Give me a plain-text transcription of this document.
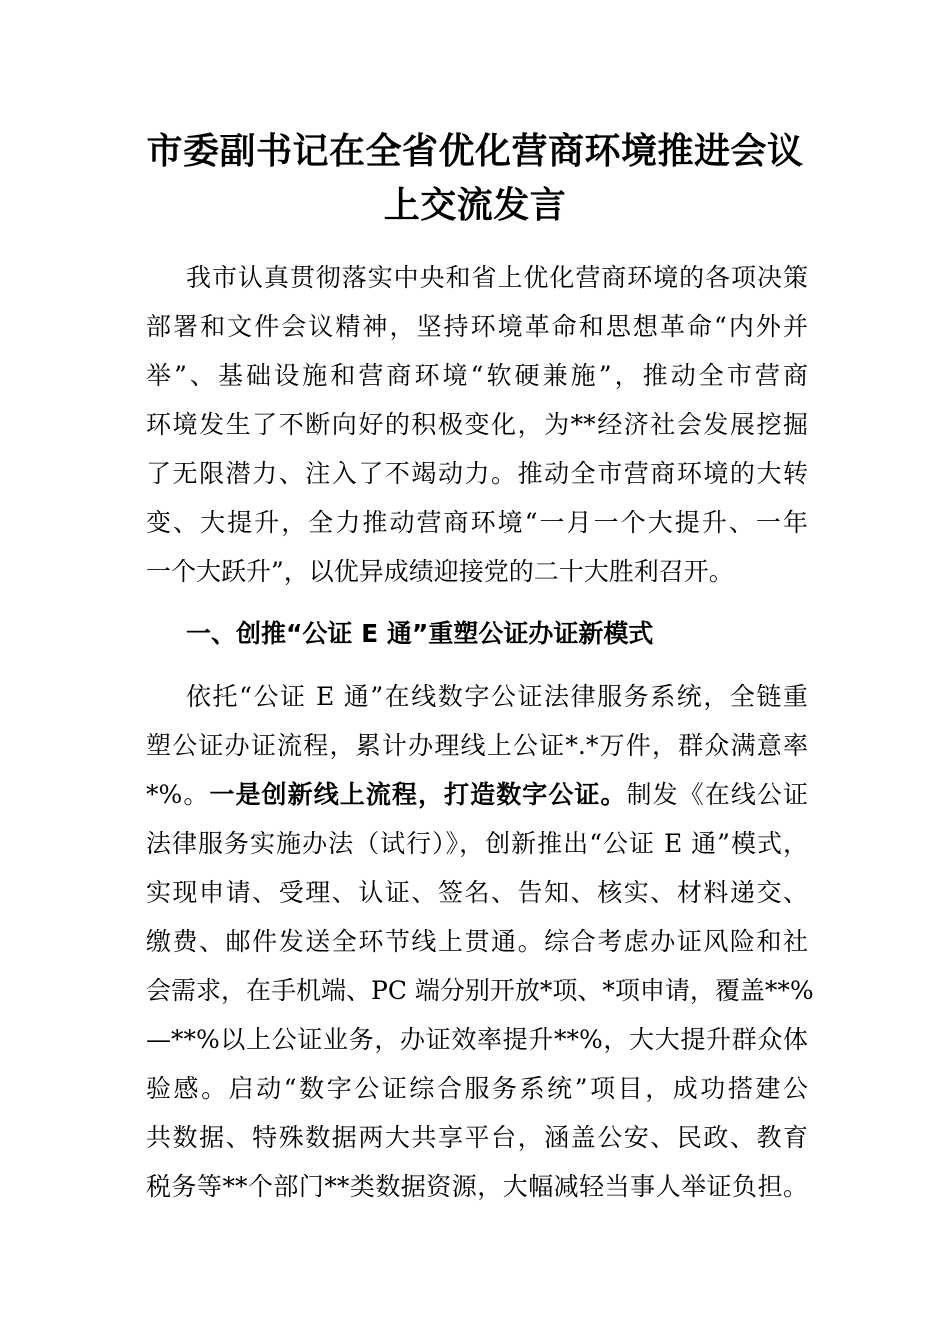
市委副书记在全省优化营商环境推进会议
上交流发言
我市认真贯彻落实中央和省上优化营商环境的各项决策
部署和文件会议精神，坚持环境革命和思想革命“内外并
举”、基础设施和营商环境“软硬兼施”，推动全市营商
环境发生了不断向好的积极变化，为**经济社会发展挖掘
了无限潜力、注入了不竭动力。推动全市营商环境的大转
变、大提升，全力推动营商环境“一月一个大提升、一年
一个大跃升”，以优异成绩迎接党的二十大胜利召开。
一、创推“公证 E 通”重塑公证办证新模式
依托“公证 E 通”在线数字公证法律服务系统，全链重
塑公证办证流程，累计办理线上公证*.*万件，群众满意率
*%。一是创新线上流程，打造数字公证。制发《在线公证
法律服务实施办法（试行）》，创新推出“公证 E 通”模式，
实现申请、受理、认证、签名、告知、核实、材料递交、
缴费、邮件发送全环节线上贯通。综合考虑办证风险和社
会需求，在手机端、PC 端分别开放*项、*项申请，覆盖**%
—**%以上公证业务，办证效率提升**%，大大提升群众体
验感。启动“数字公证综合服务系统”项目，成功搭建公
共数据、特殊数据两大共享平台，涵盖公安、民政、教育
税务等**个部门**类数据资源，大幅减轻当事人举证负担。
